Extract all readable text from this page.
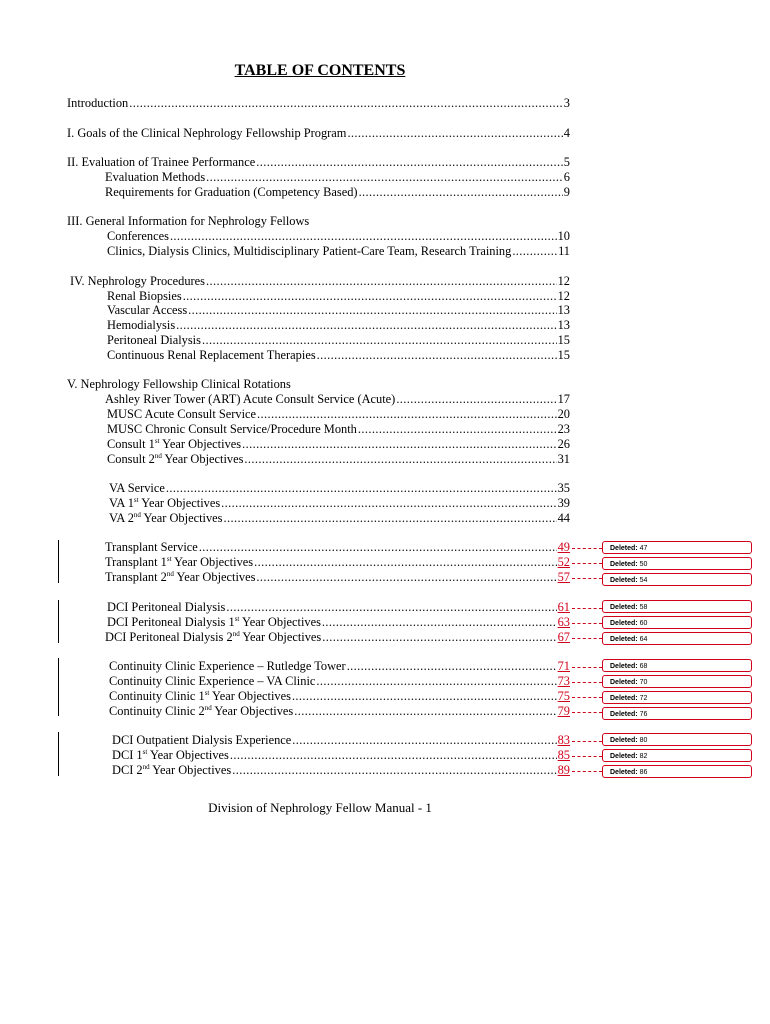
TABLE OF CONTENTS
Introduction .....	3
I. Goals of the Clinical Nephrology Fellowship Program .....	4
II. Evaluation of Trainee Performance .....	5
Evaluation Methods .....	6
Requirements for Graduation (Competency Based) .....	9
III. General Information for Nephrology Fellows
Conferences .....	10
Clinics, Dialysis Clinics, Multidisciplinary Patient-Care Team, Research Training .....	11
IV. Nephrology Procedures .....	12
Renal Biopsies .....	12
Vascular Access .....	13
Hemodialysis .....	13
Peritoneal Dialysis .....	15
Continuous Renal Replacement Therapies .....	15
V. Nephrology Fellowship Clinical Rotations
Ashley River Tower (ART) Acute Consult Service (Acute) .....	17
MUSC Acute Consult Service .....	20
MUSC Chronic Consult Service/Procedure Month .....	23
Consult 1st Year Objectives .....	26
Consult 2nd Year Objectives .....	31
VA Service .....	35
VA 1st Year Objectives .....	39
VA 2nd Year Objectives .....	44
Transplant Service .....	49
Transplant 1st Year Objectives .....	52
Transplant 2nd Year Objectives .....	57
DCI Peritoneal Dialysis .....	61
DCI Peritoneal Dialysis 1st Year Objectives .....	63
DCI Peritoneal Dialysis 2nd Year Objectives .....	67
Continuity Clinic Experience – Rutledge Tower .....	71
Continuity Clinic Experience – VA Clinic .....	73
Continuity Clinic 1st Year Objectives .....	75
Continuity Clinic 2nd Year Objectives .....	79
DCI Outpatient Dialysis Experience .....	83
DCI 1st Year Objectives .....	85
DCI 2nd Year Objectives .....	89
Deleted: 47
Deleted: 50
Deleted: 54
Deleted: 58
Deleted: 60
Deleted: 64
Deleted: 68
Deleted: 70
Deleted: 72
Deleted: 76
Deleted: 80
Deleted: 82
Deleted: 86
Division of Nephrology Fellow Manual - 1
